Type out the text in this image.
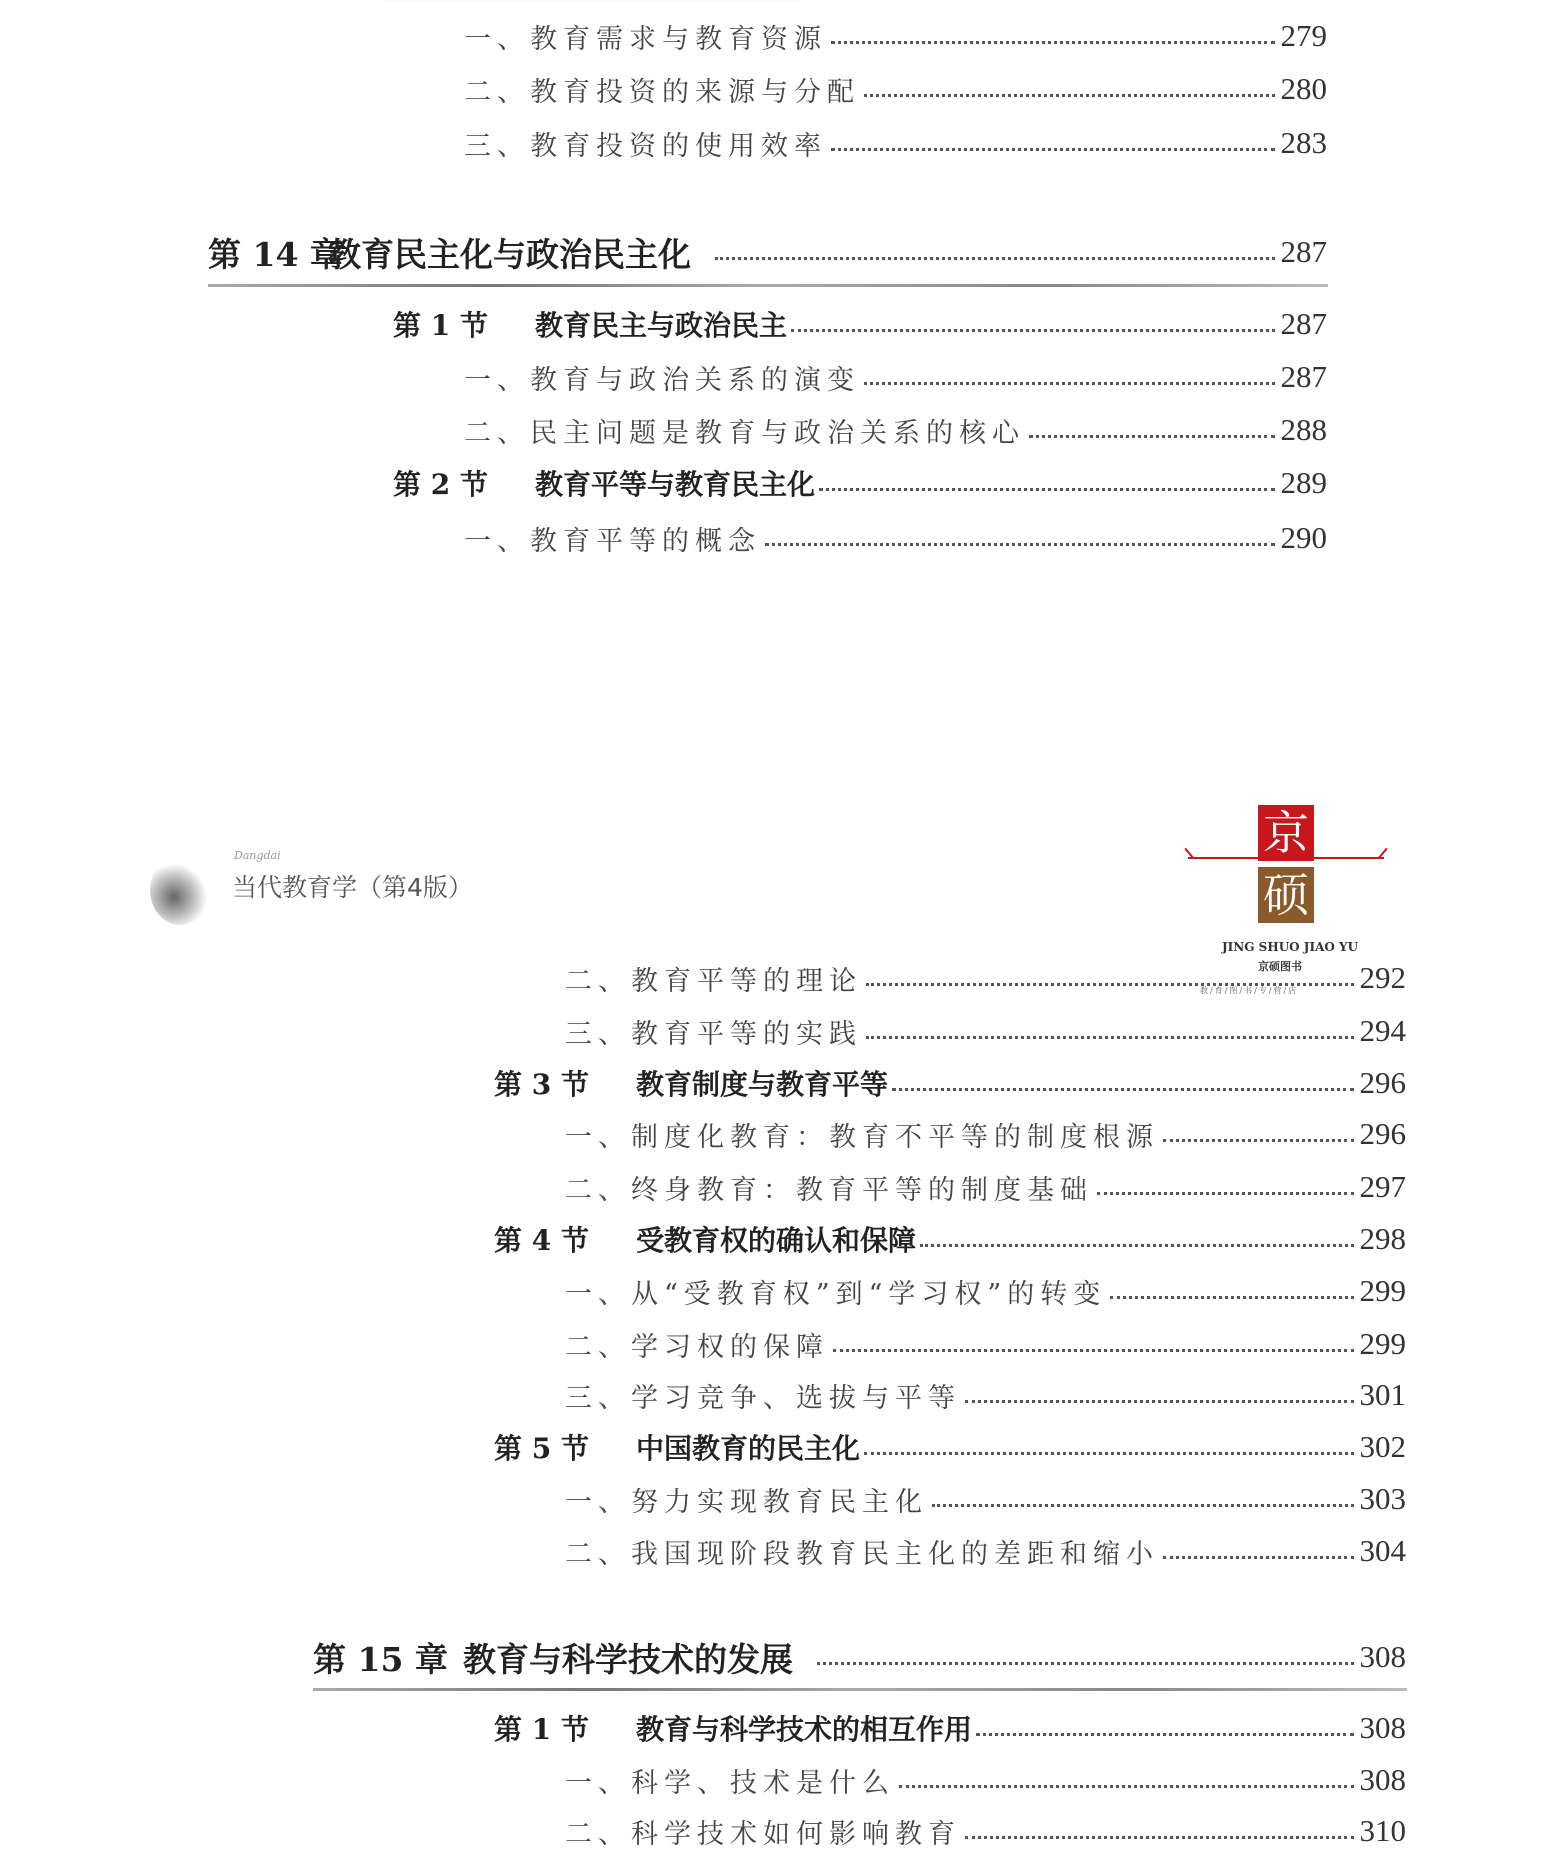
一、教育需求与教育资源	279
二、教育投资的来源与分配	280
三、教育投资的使用效率	283
第 14 章教育民主化与政治民主化	287
第 1 节 教育民主与政治民主	287
一、教育与政治关系的演变	287
二、民主问题是教育与政治关系的核心	288
第 2 节 教育平等与教育民主化	289
一、教育平等的概念	290
Dangdai
当代教育学（第4版）
京
硕
JING SHUO JIAO YU
京硕图书
教/育/图/书/专/营/店
二、教育平等的理论	292
三、教育平等的实践	294
第 3 节 教育制度与教育平等	296
一、制度化教育：教育不平等的制度根源	296
二、终身教育：教育平等的制度基础	297
第 4 节 受教育权的确认和保障	298
一、从“受教育权”到“学习权”的转变	299
二、学习权的保障	299
三、学习竞争、选拔与平等	301
第 5 节 中国教育的民主化	302
一、努力实现教育民主化	303
二、我国现阶段教育民主化的差距和缩小	304
第 15 章 教育与科学技术的发展	308
第 1 节 教育与科学技术的相互作用	308
一、科学、技术是什么	308
二、科学技术如何影响教育	310
